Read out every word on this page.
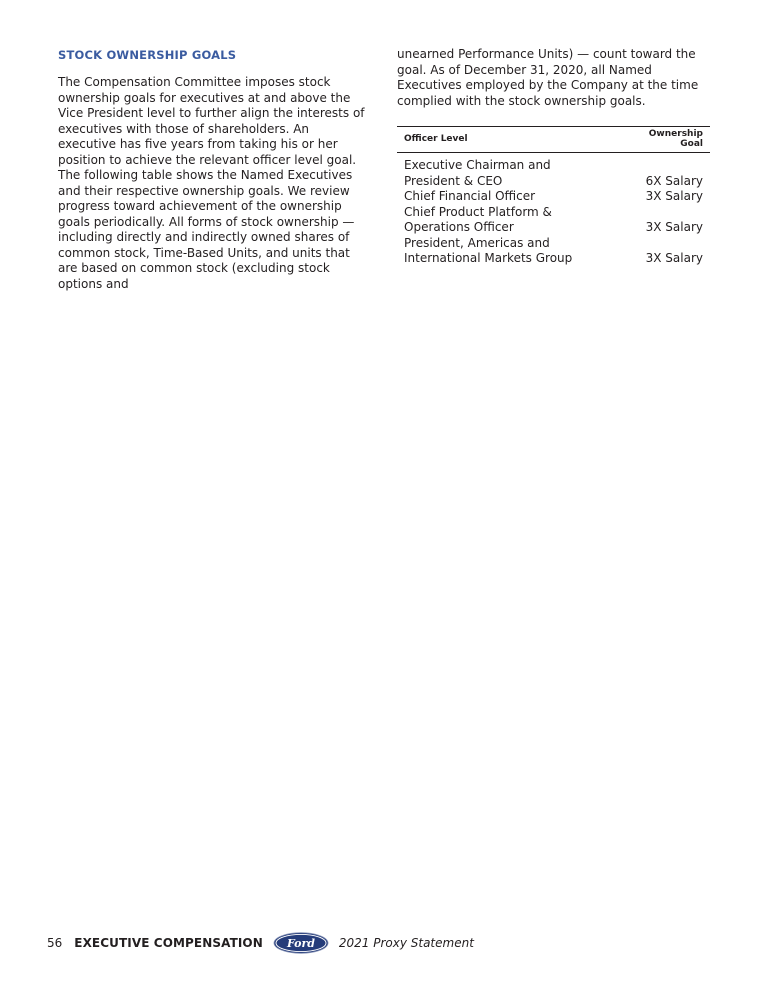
STOCK OWNERSHIP GOALS

The Compensation Committee imposes stock ownership goals for executives at and above the Vice President level to further align the interests of executives with those of shareholders. An executive has five years from taking his or her position to achieve the relevant officer level goal. The following table shows the Named Executives and their respective ownership goals. We review progress toward achievement of the ownership goals periodically. All forms of stock ownership — including directly and indirectly owned shares of common stock, Time-Based Units, and units that are based on common stock (excluding stock options and

unearned Performance Units) — count toward the goal. As of December 31, 2020, all Named Executives employed by the Company at the time complied with the stock ownership goals.

Officer Level	Ownership Goal
Executive Chairman and President & CEO	6X Salary
Chief Financial Officer	3X Salary
Chief Product Platform & Operations Officer	3X Salary
President, Americas and International Markets Group	3X Salary
56 EXECUTIVE COMPENSATION Ford 2021 Proxy Statement
